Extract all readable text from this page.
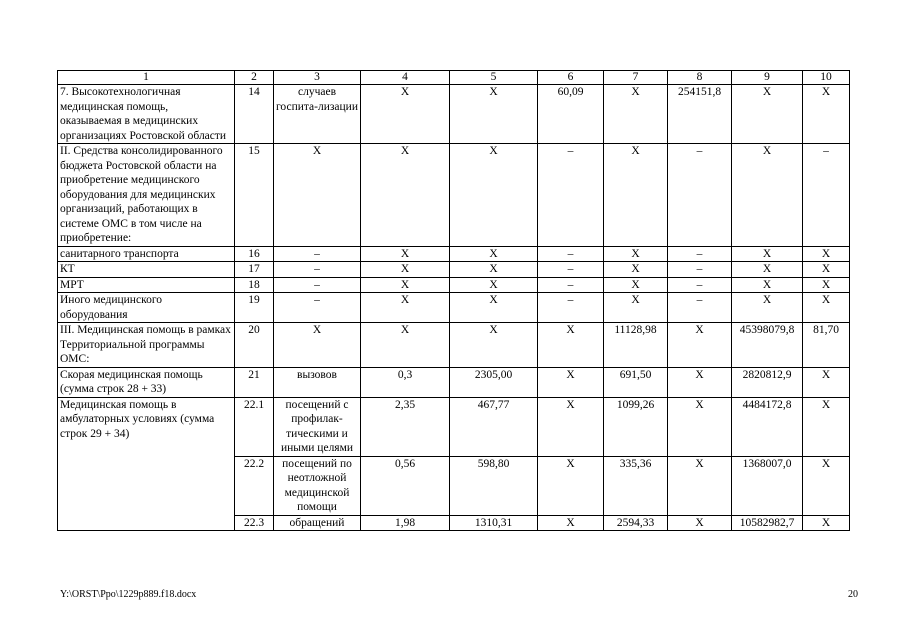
1	2	3	4	5	6	7	8	9	10
7. Высокотехнологичная медицинская помощь, оказываемая в медицинских организациях Ростовской области	14	случаев госпита-лизации	Х	Х	60,09	Х	254151,8	Х	Х
II. Средства консолидированного бюджета Ростовской области на приобретение медицинского оборудования для медицинских организаций, работающих в системе ОМС в том числе на приобретение:	15	Х	Х	Х	–	Х	–	Х	–
санитарного транспорта	16	–	Х	Х	–	Х	–	Х	Х
КТ	17	–	Х	Х	–	Х	–	Х	Х
МРТ	18	–	Х	Х	–	Х	–	Х	Х
Иного медицинского оборудования	19	–	Х	Х	–	Х	–	Х	Х
III. Медицинская помощь в рамках Территориальной программы ОМС:	20	Х	Х	Х	Х	11128,98	Х	45398079,8	81,70
Скорая медицинская помощь (сумма строк 28 + 33)	21	вызовов	0,3	2305,00	Х	691,50	Х	2820812,9	Х
Медицинская помощь в амбулаторных условиях (сумма строк 29 + 34)	22.1	посещений с профилак-тическими и иными целями	2,35	467,77	Х	1099,26	Х	4484172,8	Х
	22.2	посещений по неотложной медицинской помощи	0,56	598,80	Х	335,36	Х	1368007,0	Х
	22.3	обращений	1,98	1310,31	Х	2594,33	Х	10582982,7	Х
Y:\ORST\Ppo\1229p889.f18.docx	20
